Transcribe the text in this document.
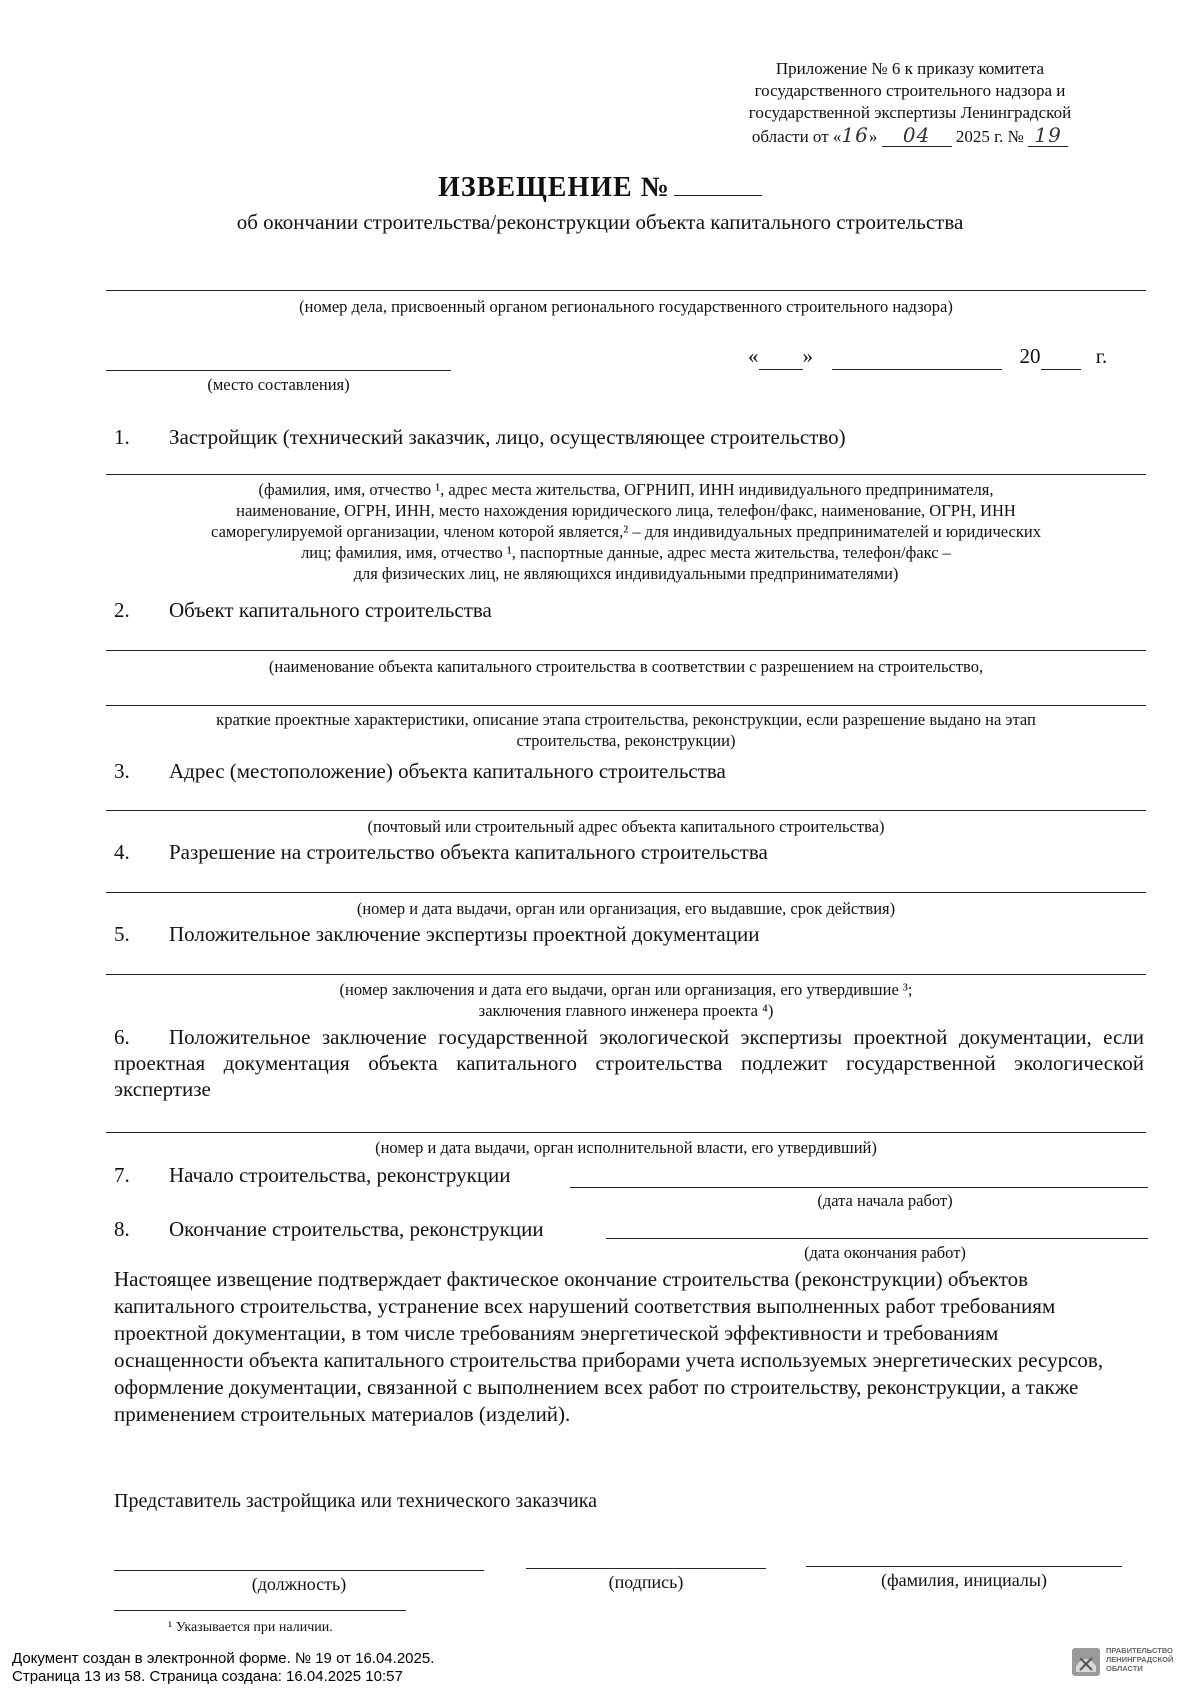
Приложение № 6 к приказу комитета
государственного строительного надзора и
государственной экспертизы Ленинградской
области от «16» 04 2025 г. № 19
ИЗВЕЩЕНИЕ №
об окончании строительства/реконструкции объекта капитального строительства
(номер дела, присвоенный органом регионального государственного строительного надзора)
(место составления)
« »	20	г.
1. Застройщик (технический заказчик, лицо, осуществляющее строительство)
(фамилия, имя, отчество ¹, адрес места жительства, ОГРНИП, ИНН индивидуального предпринимателя,
наименование, ОГРН, ИНН, место нахождения юридического лица, телефон/факс, наименование, ОГРН, ИНН
саморегулируемой организации, членом которой является,² – для индивидуальных предпринимателей и юридических
лиц; фамилия, имя, отчество ¹, паспортные данные, адрес места жительства, телефон/факс –
для физических лиц, не являющихся индивидуальными предпринимателями)
2. Объект капитального строительства
(наименование объекта капитального строительства в соответствии с разрешением на строительство,
краткие проектные характеристики, описание этапа строительства, реконструкции, если разрешение выдано на этап
строительства, реконструкции)
3. Адрес (местоположение) объекта капитального строительства
(почтовый или строительный адрес объекта капитального строительства)
4. Разрешение на строительство объекта капитального строительства
(номер и дата выдачи, орган или организация, его выдавшие, срок действия)
5. Положительное заключение экспертизы проектной документации
(номер заключения и дата его выдачи, орган или организация, его утвердившие ³;
заключения главного инженера проекта ⁴)
6. Положительное заключение государственной экологической экспертизы проектной документации, если проектная документация объекта капитального строительства подлежит государственной экологической экспертизе
(номер и дата выдачи, орган исполнительной власти, его утвердивший)
7. Начало строительства, реконструкции
(дата начала работ)
8. Окончание строительства, реконструкции
(дата окончания работ)
Настоящее извещение подтверждает фактическое окончание строительства (реконструкции) объектов капитального строительства, устранение всех нарушений соответствия выполненных работ требованиям проектной документации, в том числе требованиям энергетической эффективности и требованиям оснащенности объекта капитального строительства приборами учета используемых энергетических ресурсов, оформление документации, связанной с выполнением всех работ по строительству, реконструкции, а также применением строительных материалов (изделий).
Представитель застройщика или технического заказчика
(должность)	(подпись)	(фамилия, инициалы)
¹ Указывается при наличии.
Документ создан в электронной форме. № 19 от 16.04.2025.
Страница 13 из 58. Страница создана: 16.04.2025 10:57
ПРАВИТЕЛЬСТВО
ЛЕНИНГРАДСКОЙ
ОБЛАСТИ
